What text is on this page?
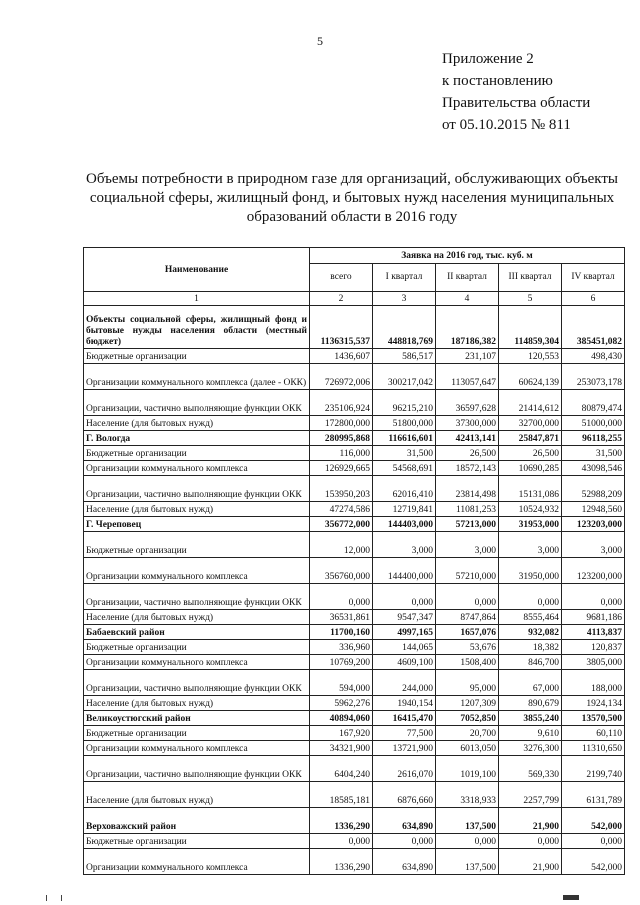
5
Приложение 2
к постановлению
Правительства области
от 05.10.2015 № 811
Объемы потребности в природном газе для организаций, обслуживающих объекты социальной сферы, жилищный фонд, и бытовых нужд населения муниципальных образований области в 2016 году
Наименование	Заявка на 2016 год, тыс. куб. м				
	всего	I квартал	II квартал	III квартал	IV квартал
1	2	3	4	5	6
Объекты социальной сферы, жилищный фонд и бытовые нужды населения области (местный бюджет)	1136315,537	448818,769	187186,382	114859,304	385451,082
Бюджетные организации	1436,607	586,517	231,107	120,553	498,430
Организации коммунального комплекса (далее - ОКК)	726972,006	300217,042	113057,647	60624,139	253073,178
Организации, частично выполняющие функции ОКК	235106,924	96215,210	36597,628	21414,612	80879,474
Население (для бытовых нужд)	172800,000	51800,000	37300,000	32700,000	51000,000
Г. Вологда	280995,868	116616,601	42413,141	25847,871	96118,255
Бюджетные организации	116,000	31,500	26,500	26,500	31,500
Организации коммунального комплекса	126929,665	54568,691	18572,143	10690,285	43098,546
Организации, частично выполняющие функции ОКК	153950,203	62016,410	23814,498	15131,086	52988,209
Население (для бытовых нужд)	47274,586	12719,841	11081,253	10524,932	12948,560
Г. Череповец	356772,000	144403,000	57213,000	31953,000	123203,000
Бюджетные организации	12,000	3,000	3,000	3,000	3,000
Организации коммунального комплекса	356760,000	144400,000	57210,000	31950,000	123200,000
Организации, частично выполняющие функции ОКК	0,000	0,000	0,000	0,000	0,000
Население (для бытовых нужд)	36531,861	9547,347	8747,864	8555,464	9681,186
Бабаевский район	11700,160	4997,165	1657,076	932,082	4113,837
Бюджетные организации	336,960	144,065	53,676	18,382	120,837
Организации коммунального комплекса	10769,200	4609,100	1508,400	846,700	3805,000
Организации, частично выполняющие функции ОКК	594,000	244,000	95,000	67,000	188,000
Население (для бытовых нужд)	5962,276	1940,154	1207,309	890,679	1924,134
Великоустюгский район	40894,060	16415,470	7052,850	3855,240	13570,500
Бюджетные организации	167,920	77,500	20,700	9,610	60,110
Организации коммунального комплекса	34321,900	13721,900	6013,050	3276,300	11310,650
Организации, частично выполняющие функции ОКК	6404,240	2616,070	1019,100	569,330	2199,740
Население (для бытовых нужд)	18585,181	6876,660	3318,933	2257,799	6131,789
Верховажский район	1336,290	634,890	137,500	21,900	542,000
Бюджетные организации	0,000	0,000	0,000	0,000	0,000
Организации коммунального комплекса	1336,290	634,890	137,500	21,900	542,000
